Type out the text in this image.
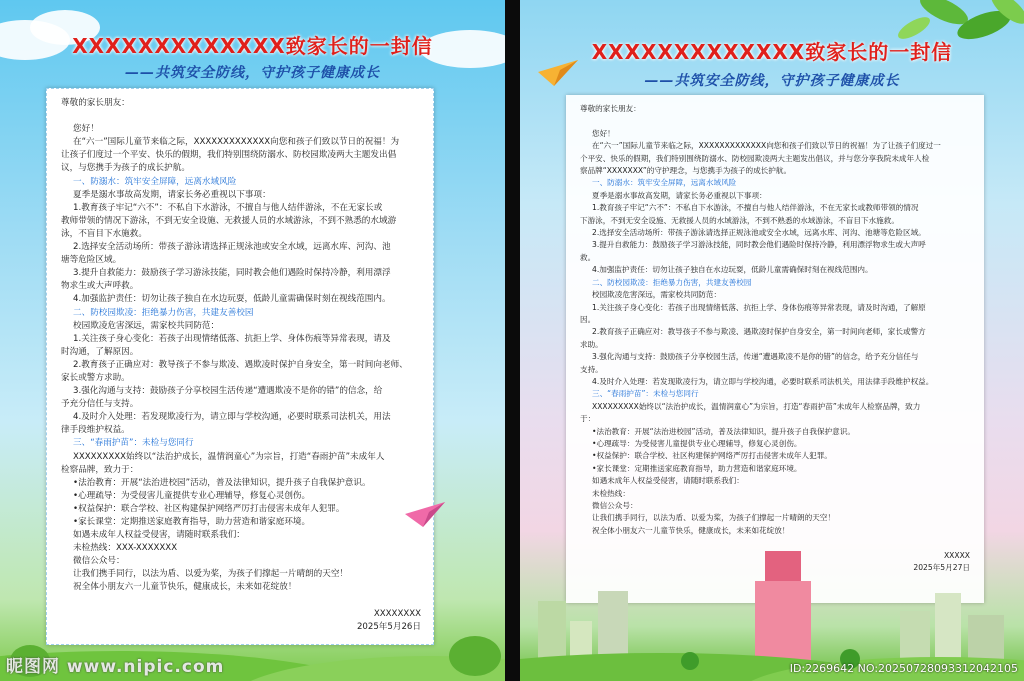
XXXXXXXXXXXXX致家长的一封信
——共筑安全防线，守护孩子健康成长
尊敬的家长朋友：

您好！
在“六一”国际儿童节来临之际，XXXXXXXXXXXXX向您和孩子们致以节日的祝福！为
让孩子们度过一个平安、快乐的假期，我们特别围绕防溺水、防校园欺凌两大主题发出倡
议，与您携手为孩子的成长护航。
一、防溺水：筑牢安全屏障，远离水域风险
夏季是溺水事故高发期，请家长务必重视以下事项：
1.教育孩子牢记“六不”：不私自下水游泳，不擅自与他人结伴游泳，不在无家长或
教师带领的情况下游泳，不到无安全设施、无救援人员的水域游泳，不到不熟悉的水域游
泳，不盲目下水施救。
2.选择安全活动场所：带孩子游泳请选择正规泳池或安全水域，远离水库、河沟、池
塘等危险区域。
3.提升自救能力：鼓励孩子学习游泳技能，同时教会他们遇险时保持冷静，利用漂浮
物求生或大声呼救。
4.加强监护责任：切勿让孩子独自在水边玩耍，低龄儿童需确保时刻在视线范围内。
二、防校园欺凌：拒绝暴力伤害，共建友善校园
校园欺凌危害深远，需家校共同防范：
1.关注孩子身心变化：若孩子出现情绪低落、抗拒上学、身体伤痕等异常表现，请及
时沟通，了解原因。
2.教育孩子正确应对：教导孩子不参与欺凌、遇欺凌时保护自身安全，第一时间向老师、
家长或警方求助。
3.强化沟通与支持：鼓励孩子分享校园生活传递“遭遇欺凌不是你的错”的信念，给
予充分信任与支持。
4.及时介入处理：若发现欺凌行为，请立即与学校沟通，必要时联系司法机关，用法
律手段维护权益。
三、“春雨护苗”：未检与您同行
XXXXXXXXX始终以“法治护成长，温情润童心”为宗旨，打造“春雨护苗”未成年人
检察品牌，致力于：
•法治教育：开展“法治进校园”活动，普及法律知识，提升孩子自我保护意识。
•心理疏导：为受侵害儿童提供专业心理辅导，修复心灵创伤。
•权益保护：联合学校、社区构建保护网络严厉打击侵害未成年人犯罪。
•家长课堂：定期推送家庭教育指导，助力营造和谐家庭环境。
如遇未成年人权益受侵害，请随时联系我们：
未检热线：XXX-XXXXXXX
微信公众号：
让我们携手同行，以法为盾、以爱为桨，为孩子们撑起一片晴朗的天空！
祝全体小朋友六一儿童节快乐，健康成长，未来如花绽放！

XXXXXXXX
2025年5月26日
昵图网 www.nipic.com
XXXXXXXXXXXXX致家长的一封信
——共筑安全防线，守护孩子健康成长
尊敬的家长朋友：

您好！
在“六一”国际儿童节来临之际，XXXXXXXXXXXXX向您和孩子们致以节日的祝福！为了让孩子们度过一
个平安、快乐的假期，我们特别围绕防溺水、防校园欺凌两大主题发出倡议，并与您分享我院未成年人检
察品牌“XXXXXXX”的守护理念，与您携手为孩子的成长护航。
一、防溺水：筑牢安全屏障，远离水域风险
夏季是溺水事故高发期，请家长务必重视以下事项：
1.教育孩子牢记“六不”：不私自下水游泳，不擅自与他人结伴游泳，不在无家长或教师带领的情况
下游泳，不到无安全设施、无救援人员的水域游泳，不到不熟悉的水域游泳，不盲目下水施救。
2.选择安全活动场所：带孩子游泳请选择正规泳池或安全水域，远离水库、河沟、池塘等危险区域。
3.提升自救能力：鼓励孩子学习游泳技能，同时教会他们遇险时保持冷静，利用漂浮物求生或大声呼
救。
4.加强监护责任：切勿让孩子独自在水边玩耍，低龄儿童需确保时刻在视线范围内。
二、防校园欺凌：拒绝暴力伤害，共建友善校园
校园欺凌危害深远，需家校共同防范：
1.关注孩子身心变化：若孩子出现情绪低落、抗拒上学、身体伤痕等异常表现，请及时沟通，了解原
因。
2.教育孩子正确应对：教导孩子不参与欺凌、遇欺凌时保护自身安全，第一时间向老师，家长或警方
求助。
3.强化沟通与支持：鼓励孩子分享校园生活，传递“遭遇欺凌不是你的错”的信念，给予充分信任与
支持。
4.及时介入处理：若发现欺凌行为，请立即与学校沟通，必要时联系司法机关，用法律手段维护权益。
三、“春雨护苗”：未检与您同行
XXXXXXXXX始终以“法治护成长，温情润童心”为宗旨，打造“春雨护苗”未成年人检察品牌，致力
于：
•法治教育：开展“法治进校园”活动，普及法律知识，提升孩子自我保护意识。
•心理疏导：为受侵害儿童提供专业心理辅导，修复心灵创伤。
•权益保护：联合学校、社区构建保护网络严厉打击侵害未成年人犯罪。
•家长课堂：定期推送家庭教育指导，助力营造和谐家庭环境。
如遇未成年人权益受侵害，请随时联系我们：
未检热线：
微信公众号：
让我们携手同行，以法为盾、以爱为桨，为孩子们撑起一片晴朗的天空！
祝全体小朋友六一儿童节快乐，健康成长，未来如花绽放！

XXXXX
2025年5月27日
ID:2269642 NO:20250728093312042105
